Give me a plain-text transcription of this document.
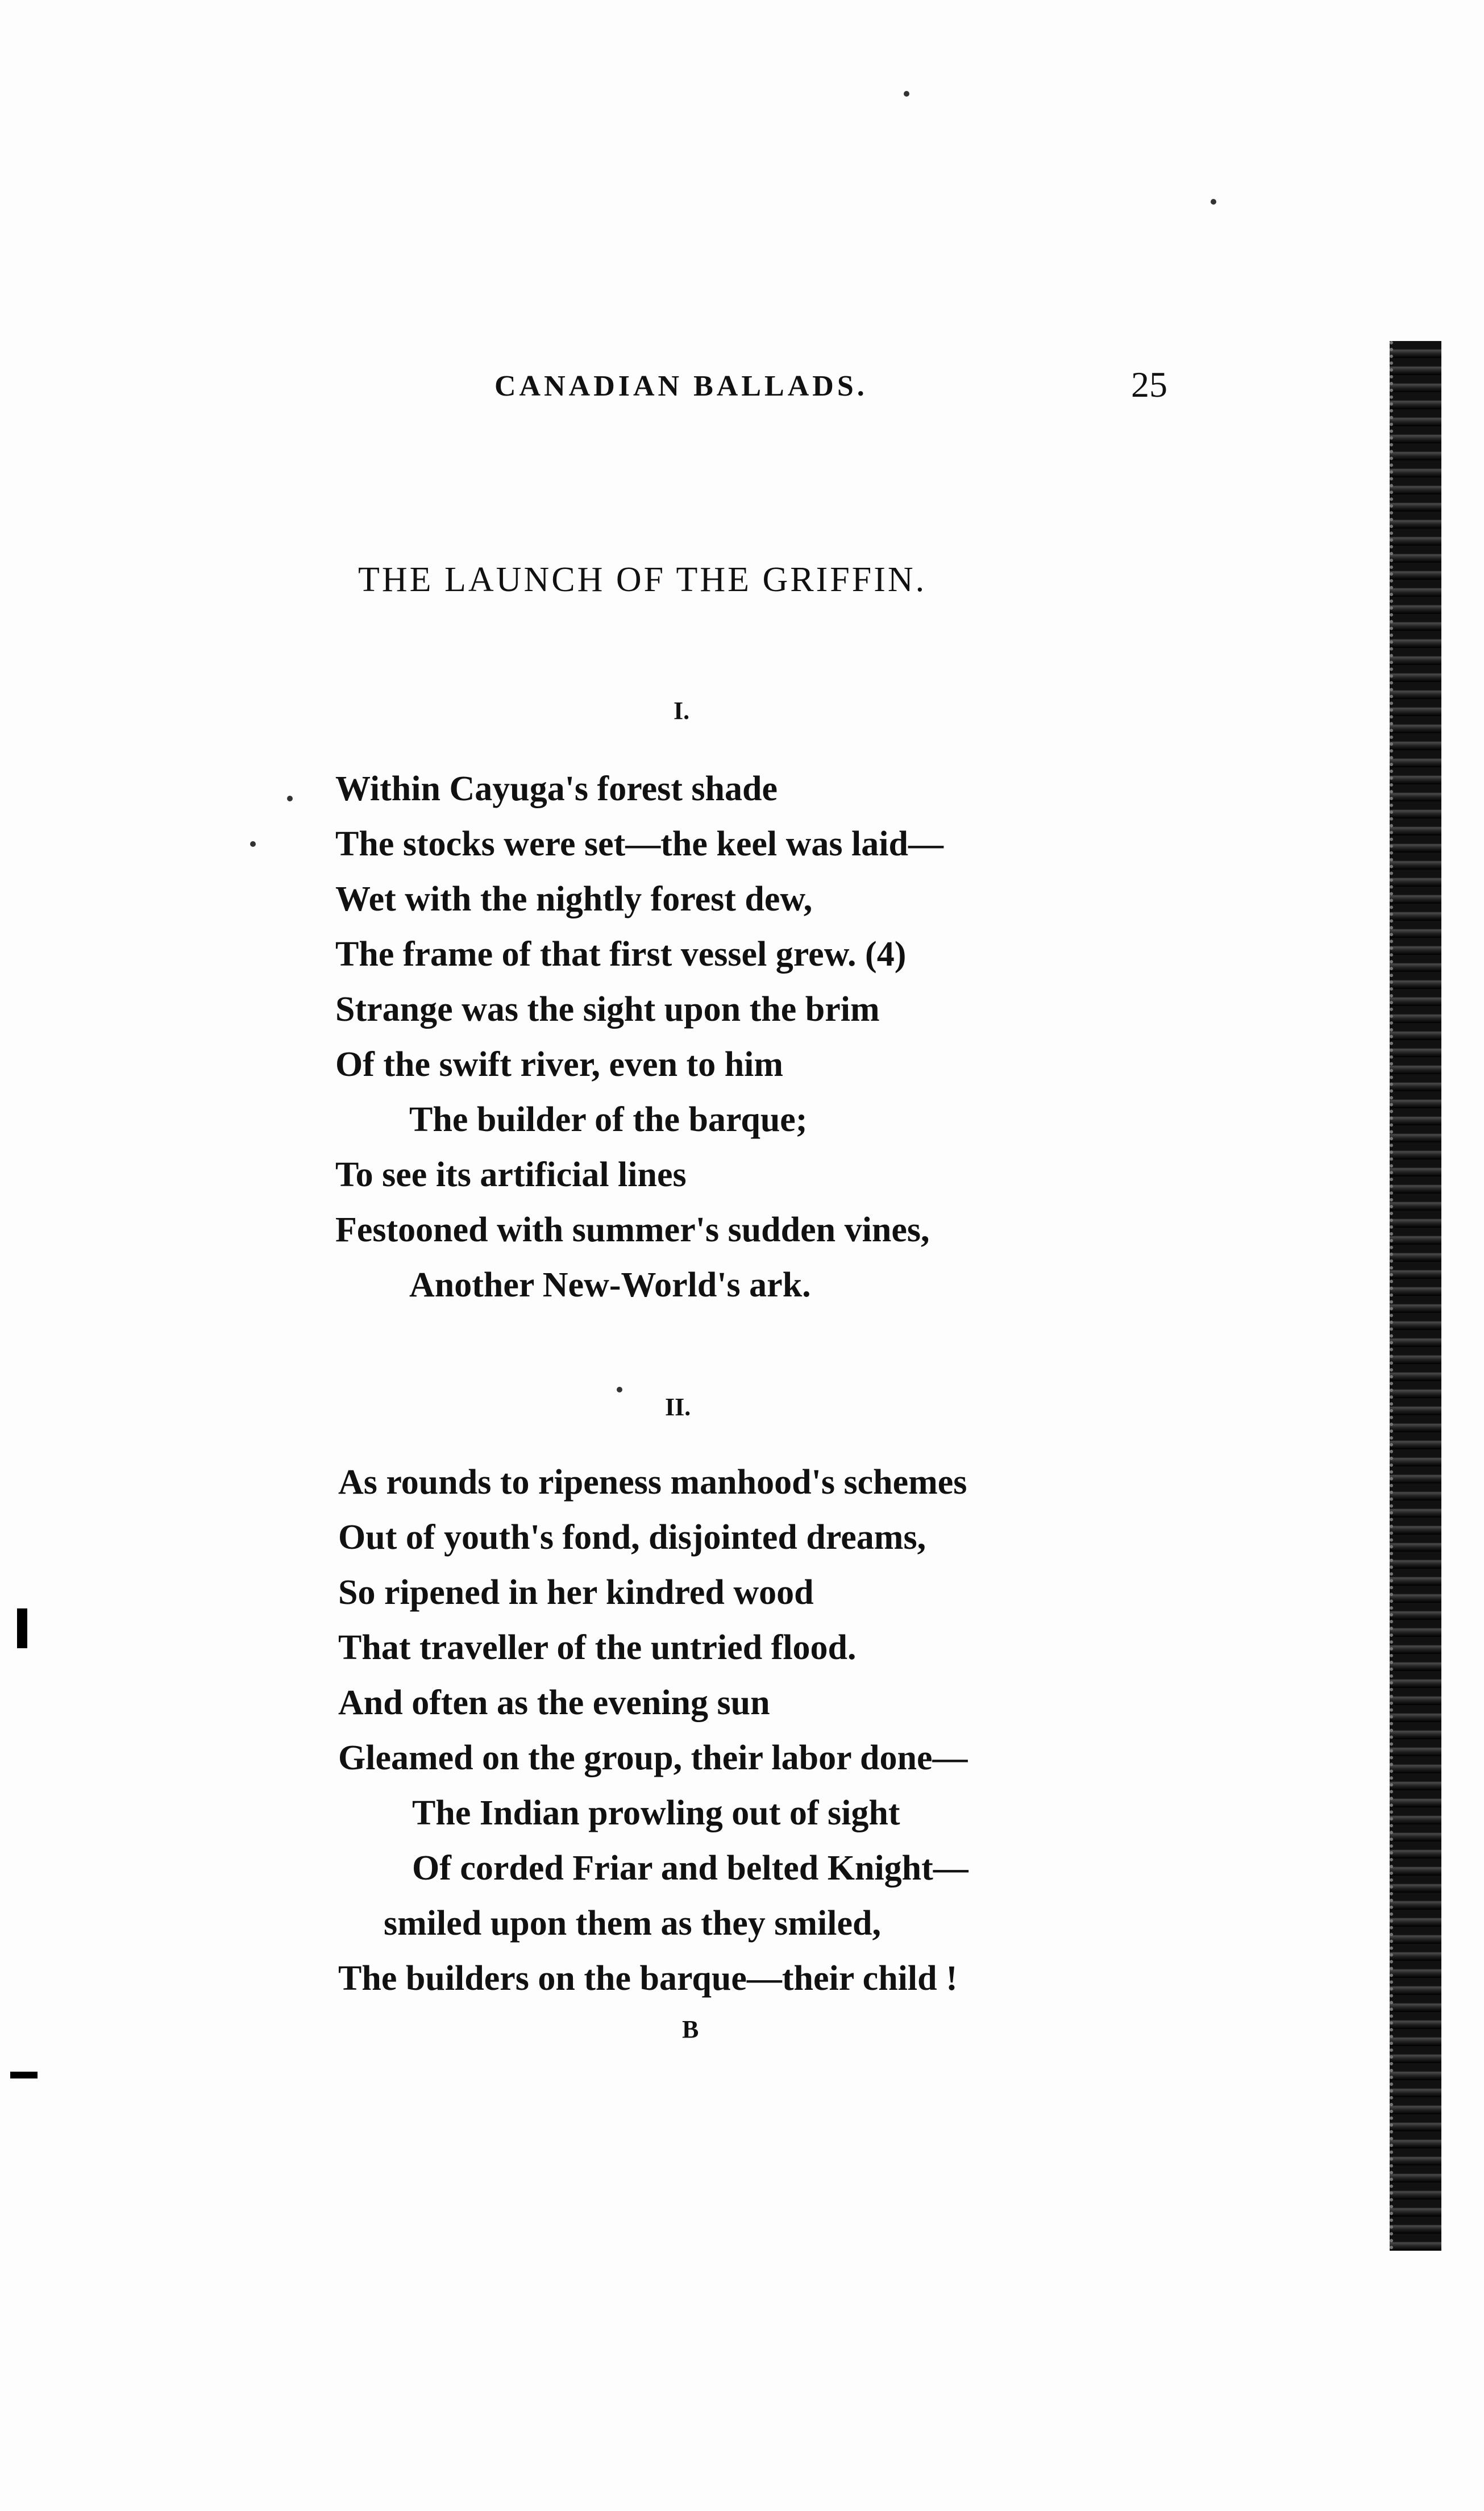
CANADIAN BALLADS.	25
THE LAUNCH OF THE GRIFFIN.
I.
Within Cayuga's forest shade
The stocks were set—the keel was laid—
Wet with the nightly forest dew,
The frame of that first vessel grew. (4)
Strange was the sight upon the brim
Of the swift river, even to him
The builder of the barque;
To see its artificial lines
Festooned with summer's sudden vines,
Another New-World's ark.
II.
As rounds to ripeness manhood's schemes
Out of youth's fond, disjointed dreams,
So ripened in her kindred wood
That traveller of the untried flood.
And often as the evening sun
Gleamed on the group, their labor done—
The Indian prowling out of sight
Of corded Friar and belted Knight—
smiled upon them as they smiled,
The builders on the barque—their child !
B
